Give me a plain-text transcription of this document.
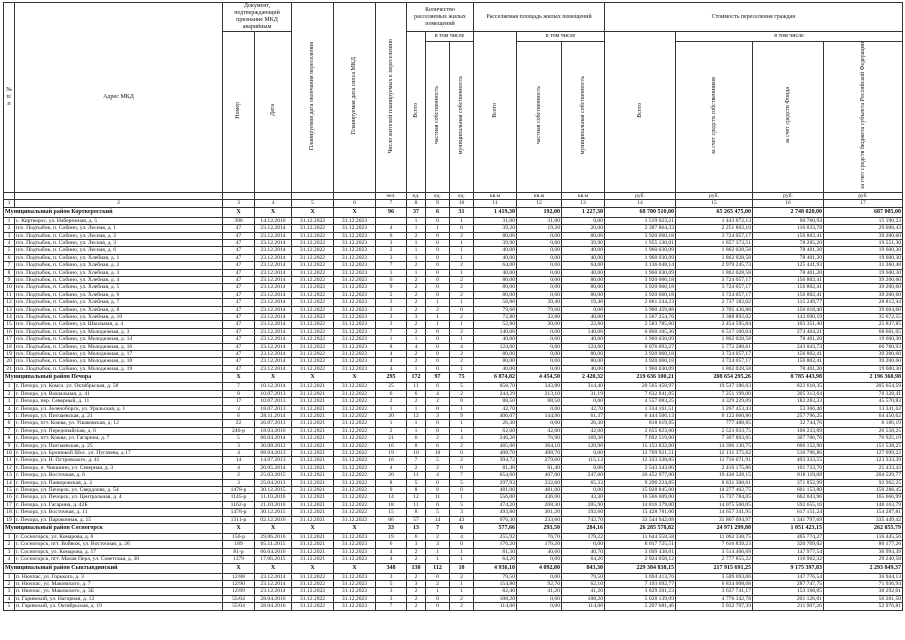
№ п/ п	Адрес МКД	Документ, подтверждающий признание МКД аварийным		Планируемая дата окончания переселения	Планируемая дата сноса МКД	Число жителей планируемых к переселению	Количество расселяемых жилых помещений			Расселяемая площадь жилых помещений			Стоимость переселения граждан			
		Номер	Дата				Всего	в том числе		Всего	в том числе		Всего	в том числе		
								частная собственность	муниципальная собственность		частная собственность	муниципальная собственность		за счет средств собственников	за счет средств Фонда	за счет средств бюджета субъекта Российской Федерации
						чел.	ед.	ед.	ед.	кв.м	кв.м	кв.м	руб.	руб.	руб.	руб.
1	2	3	4	5	6	7	8	9	10	11	12	13	14	15	16	17
Муниципальный район Корткеросский		X	X	X	X	96	37	6	31	1 419,30	192,00	1 227,30	68 700 510,00	65 265 475,00	2 748 020,00	687 005,00
1	с. Корткерос, ул. Набережная, д. 5	396	14.12.2016	31.12.2022	31.12.2023		1	0	1	31,00	31,00	0,00	1 519 023,21	1 443 072,13	60 760,93	15 190,23
2	п/о. Подтыбок, п. Собино, ул. Лесная, д. 1	47	23.12.2014	31.12.2022	31.12.2023	4	1	1	0	39,20	19,20	20,00	2 387 864,33	2 251 802,10	116 033,78	29 008,43
3	п/о. Подтыбок, п. Собино, ул. Лесная, д. 2	47	23.12.2014	31.12.2022	31.12.2023	6	2	0	2	80,00	0,00	80,00	3 920 060,18	3 724 057,17	156 802,41	39 200,60
4	п/о. Подтыбок, п. Собино, ул. Лесная, д. 3	47	23.12.2014	31.12.2022	31.12.2023	3	1	0	1	39,90	0,00	39,90	1 955 130,01	1 857 373,51	78 205,20	19 551,30
5	п/о. Подтыбок, п. Собино, ул. Лесная, д. 6	47	23.12.2014	31.12.2022	31.12.2023	2	1	0	1	40,00	0,00	40,00	1 960 030,09	1 862 028,58	78 401,20	19 600,30
6	п/о. Подтыбок, п. Собино, ул. Хлебная, д. 1	47	23.12.2014	31.12.2022	31.12.2023	3	1	0	1	40,00	0,00	40,00	1 960 030,09	1 862 028,58	78 401,20	19 600,30
7	п/о. Подтыбок, п. Собино, ул. Хлебная, д. 2	47	23.12.2014	31.12.2022	31.12.2023	7	2	0	2	64,00	0,00	64,00	3 136 048,14	2 979 245,73	125 441,93	31 360,48
8	п/о. Подтыбок, п. Собино, ул. Хлебная, д. 3	47	23.12.2014	31.12.2022	31.12.2023	1	1	0	1	40,00	0,00	40,00	1 960 030,09	1 862 028,58	78 401,20	19 600,30
9	п/о. Подтыбок, п. Собино, ул. Хлебная, д. 4	47	23.12.2014	31.12.2022	31.12.2023	6	2	0	2	80,00	0,00	80,00	3 920 060,18	3 724 057,17	156 802,41	39 200,60
10	п/о. Подтыбок, п. Собино, ул. Хлебная, д. 5	47	23.12.2014	31.12.2022	31.12.2023	9	2	0	2	80,00	0,00	80,00	3 920 060,18	3 724 057,17	156 802,41	39 200,60
11	п/о. Подтыбок, п. Собино, ул. Хлебная, д. 6	47	23.12.2014	31.12.2022	31.12.2023	5	2	0	2	80,00	0,00	80,00	3 920 060,18	3 724 057,17	156 802,41	39 200,60
12	п/о. Подтыбок, п. Собино, ул. Хлебная, д. 7	47	23.12.2014	31.12.2022	31.12.2023	3	2	1	1	58,80	39,40	19,40	2 881 244,23	2 737 182,02	115 249,77	28 812,44
13	п/о. Подтыбок, п. Собино, ул. Хлебная, д. 8	47	23.12.2014	31.12.2022	31.12.2023	3	2	2	0	79,60	79,60	0,00	3 900 459,88	3 705 436,88	156 018,40	39 004,60
14	п/о. Подтыбок, п. Собино, ул. Хлебная, д. 10	47	23.12.2014	31.12.2022	31.12.2023	3	3	1	2	72,80	32,80	40,00	3 567 254,76	3 388 892,02	142 690,19	35 672,55
15	п/о. Подтыбок, п. Собино, ул. Школьная, д. 4	47	23.12.2014	31.12.2022	31.12.2023	3	2	1	1	52,80	30,00	22,80	2 583 785,60	2 454 595,84	103 351,40	25 837,85
16	п/о. Подтыбок, п. Собино, ул. Молодежная, д. 3	47	23.12.2014	31.12.2022	31.12.2023	7	2	0	2	140,00	0,00	140,00	6 860 105,30	6 517 100,04	274 404,21	68 601,05
17	п/о. Подтыбок, п. Собино, ул. Молодежная, д. 14	47	23.12.2014	31.12.2022	31.12.2023	1	1	0	1	40,00	0,00	40,00	1 960 030,09	1 862 028,58	78 401,20	19 600,30
18	п/о. Подтыбок, п. Собино, ул. Молодежная, д. 16	47	23.12.2014	31.12.2022	31.12.2023	8	4	0	4	124,00	0,00	124,00	6 076 093,27	5 772 288,61	243 043,73	60 760,93
19	п/о. Подтыбок, п. Собино, ул. Молодежная, д. 17	47	23.12.2014	31.12.2022	31.12.2023	4	2	0	2	80,00	0,00	80,00	3 920 060,18	3 724 057,17	156 802,41	39 200,60
20	п/о. Подтыбок, п. Собино, ул. Молодежная, д. 18	47	23.12.2014	31.12.2022	31.12.2023	4	2	0	2	80,00	0,00	80,00	3 920 060,18	3 724 057,17	156 802,41	39 200,60
21	п/о. Подтыбок, п. Собино, ул. Молодежная, д. 19	47	23.12.2014	31.12.2022	31.12.2023	4	1	0	1	40,00	0,00	40,00	1 960 030,09	1 862 028,58	78 401,20	19 600,30
Муниципальный район Печора		X	X	X	X	295	172	97	75	6 874,82	4 454,50	2 420,32	219 636 100,21	208 654 295,26	8 785 443,98	2 196 360,98
1	г. Печора, ул. Комса. ул. Октябрьская, д. 58	7	10.12.2014	31.12.2021	31.12.2022	25	11	6	5	658,70	343,80	314,40	20 565 458,97	19 537 186,03	822 618,35	205 654,59
2	г. Печора, ул. Вокзальная, д. 41	8	10.07.2013	31.12.2021	31.12.2022	6	6	4	2	244,29	213,10	31,19	7 632 841,05	7 251 199,00	305 313,64	76 328,41
3	г. Печора, пер. Северный, д. 11	17	10.07.2013	31.12.2021	31.12.2022	2	2	2	0	88,50	88,50	0,00	4 557 083,25	4 329 229,09	182 283,33	45 570,83
4	г. Печора, ул. Зеленоборск, ул. Уральская, д. 1	3	18.07.2013	31.12.2021	31.12.2022	1	1	0	1	42,70	0,00	42,70	1 334 161,51	1 267 453,43	53 366,46	13 341,62
5	г. Печора, ул. Писчаевская, д. 21	6	28.11.2014	31.12.2021	31.12.2022	20	12	3	9	406,07	144,96	61,37	6 444 506,13	6 122 660,86	257 796,25	64 450,62
6	г. Печора, пгт. Кожва, ул. Ушаковская, д. 12	22	26.07.2013	31.12.2021	31.12.2022	1	1	0	1	26,30	0,00	26,30	818 619,05	777 488,05	32 744,76	8 186,19
7	г. Печора, ул. Передонайская, д. 6	246-р	18.03.2016	31.12.2021	31.12.2022	2	1	0	1	62,00	42,00	42,00	2 655 823,60	2 523 033,75	106 233,09	26 558,25
8	г. Печора, пгт. Кожва, ул. Гагарина, д. 7	5	06.04.2014	31.12.2021	31.12.2022	21	6	2	4	246,20	76,90	169,30	7 692 519,00	7 307 893,05	307 700,76	76 925,19
9	г. Печора, ул. Писчаевская, д. 25	3	30.08.2012	31.12.2021	31.12.2022	16	8	6	2	485,00	364,10	120,90	15 153 822,00	14 396 130,75	606 152,90	151 538,25
10	г. Печора, ул. Бронюкой Шос. ул. Пугачева, д.17	4	08.04.2013	31.12.2021	31.12.2022	19	10	10	0	408,70	408,70	0,00	12 769 921,51	12 131 375,62	510 796,86	127 699,22
11	г. Печора, ул. Н. Островского, д. 41	14	14.07.2013	31.12.2021	31.12.2022	16	7	5	2	394,72	279,60	115,13	12 333 338,85	11 716 671,91	493 333,55	123 333,39
12	г. Печора, п. Чикшино, ул. Северная, д. 3	4	20.05.2014	31.12.2021	31.12.2022	4	2	2	0	81,40	81,40	0,00	2 543 343,00	2 416 175,86	101 733,70	25 433,43
13	г. Печора, ул. Восточная, д. 6	2	25.03.2015	31.12.2021	31.12.2022	20	11	4	7	654,60	407,00	247,60	20 452 977,00	19 430 328,15	818 119,08	204 529,77
14	г. Печора, ул. Панюровская, д. 3	3	25.04.2013	31.12.2021	31.12.2022	8	5	0	5	297,93	232,60	65,33	9 296 224,85	8 831 308,61	371 852,99	92 962,25
15	г. Печора, ул. Печорск, ул. Свердлова, д. 54	1478-р	30.12.2015	31.12.2021	31.12.2022	9	8	8	0	481,00	481,00	0,00	15 028 845,00	14 277 402,75	601 153,80	150 288,45
16	г. Печора, ул. Печорск, ул. Центральная, д. 4	1145-р	11.10.2016	31.12.2021	31.12.2022	14	12	11	1	556,00	436,00	43,30	16 566 609,00	15 737 784,05	662 643,96	165 666,99
17	г. Печора, ул. Гагарина, д. 42Б	1162-р	21.10.2016	31.12.2021	31.12.2022	18	11	6	5	474,20	268,30	205,90	14 816 379,00	14 075 560,05	592 655,16	148 163,79
18	г. Печора, ул. Восточная, д. 11	1478-р	30.12.2015	31.12.2021	31.12.2022	15	8	5	3	493,80	301,20	192,60	15 428 781,00	14 657 341,95	617 151,24	154 287,81
19	г. Печора, ул. Пароконная, д. 15	1311-р	02.12.2016	31.12.2021	31.12.2022	86	57	14	43	976,30	233,60	742,70	33 544 942,08	31 867 694,97	1 341 797,69	335 449,42
Муниципальный район Сосногорск		X	X	X	X	33	13	7	6	577,66	293,50	284,16	26 285 578,82	24 971 299,88	1 051 423,15	262 855,79
1	г. Сосногорск, ул. Комарова, д. 6	156-р	29.06.2016	31.12.2021	31.12.2023	19	6	2	4	255,92	76,70	179,22	11 644 558,58	11 062 338,75	465 774,27	116 445,56
2	г. Сосногорск, пгт. Войвож, ул. Восточная, д. 26	189	05.11.2015	31.12.2021	31.12.2023	6	3	3	0	176,20	176,20	0,00	8 017 725,51	7 616 839,23	320 709,02	80 177,26
3	г. Сосногорск, ул. Комарова, д. 17	81-р	06.04.2016	31.12.2021	31.12.2023	4	2	1	1	81,30	40,60	40,70	3 699 438,61	3 514 466,68	147 977,54	36 994,39
4	г. Сосногорск, пгт. Малая Пера, ул. Советская, д. 30	1379	17.06.2015	31.12.2021	31.12.2023	4	2	1	1	64,26	0,00	64,26	2 924 058,12	2 777 855,22	116 962,32	29 240,58
Муниципальный район Сыктывдинский		X	X	X	X	348	130	112	18	4 936,10	4 092,80	843,30	229 384 838,15	217 915 691,25	9 175 397,83	2 293 849,37
1	п. Нючпас, ул. Горького, д. 3	12/88	23.12.2014	31.12.2022	31.12.2023	3	2	0	2	79,50	0,00	79,50	3 694 413,76	3 509 693,06	147 776,54	36 944,13
2	п. Нючпас, ул. Маковского, д. 7	12/90	23.12.2014	31.12.2022	31.12.2023	5	3	2	1	154,80	92,70	62,10	7 193 692,77	6 834 008,08	287 747,75	71 936,94
3	п. Нючпас, ул. Маковского, д. 3Б	12/89	23.12.2014	31.12.2022	31.12.2023	3	2	1	1	82,40	41,20	41,20	3 829 201,23	3 637 741,17	153 168,05	38 292,01
4	п. Гаривский, ул. Нагорная, д. 12	55/04	28.04.2016	31.12.2022	31.12.2023	3	2	0	2	108,20	0,00	108,20	5 028 139,09	4 776 342,78	201 126,01	50 281,50
5	п. Гаривский, ул. Октябрьская, д. 19	55/04	28.04.2016	31.12.2022	31.12.2023	7	2	0	2	114,00	0,00	114,00	5 297 681,46	5 032 797,39	211 907,26	52 976,81
